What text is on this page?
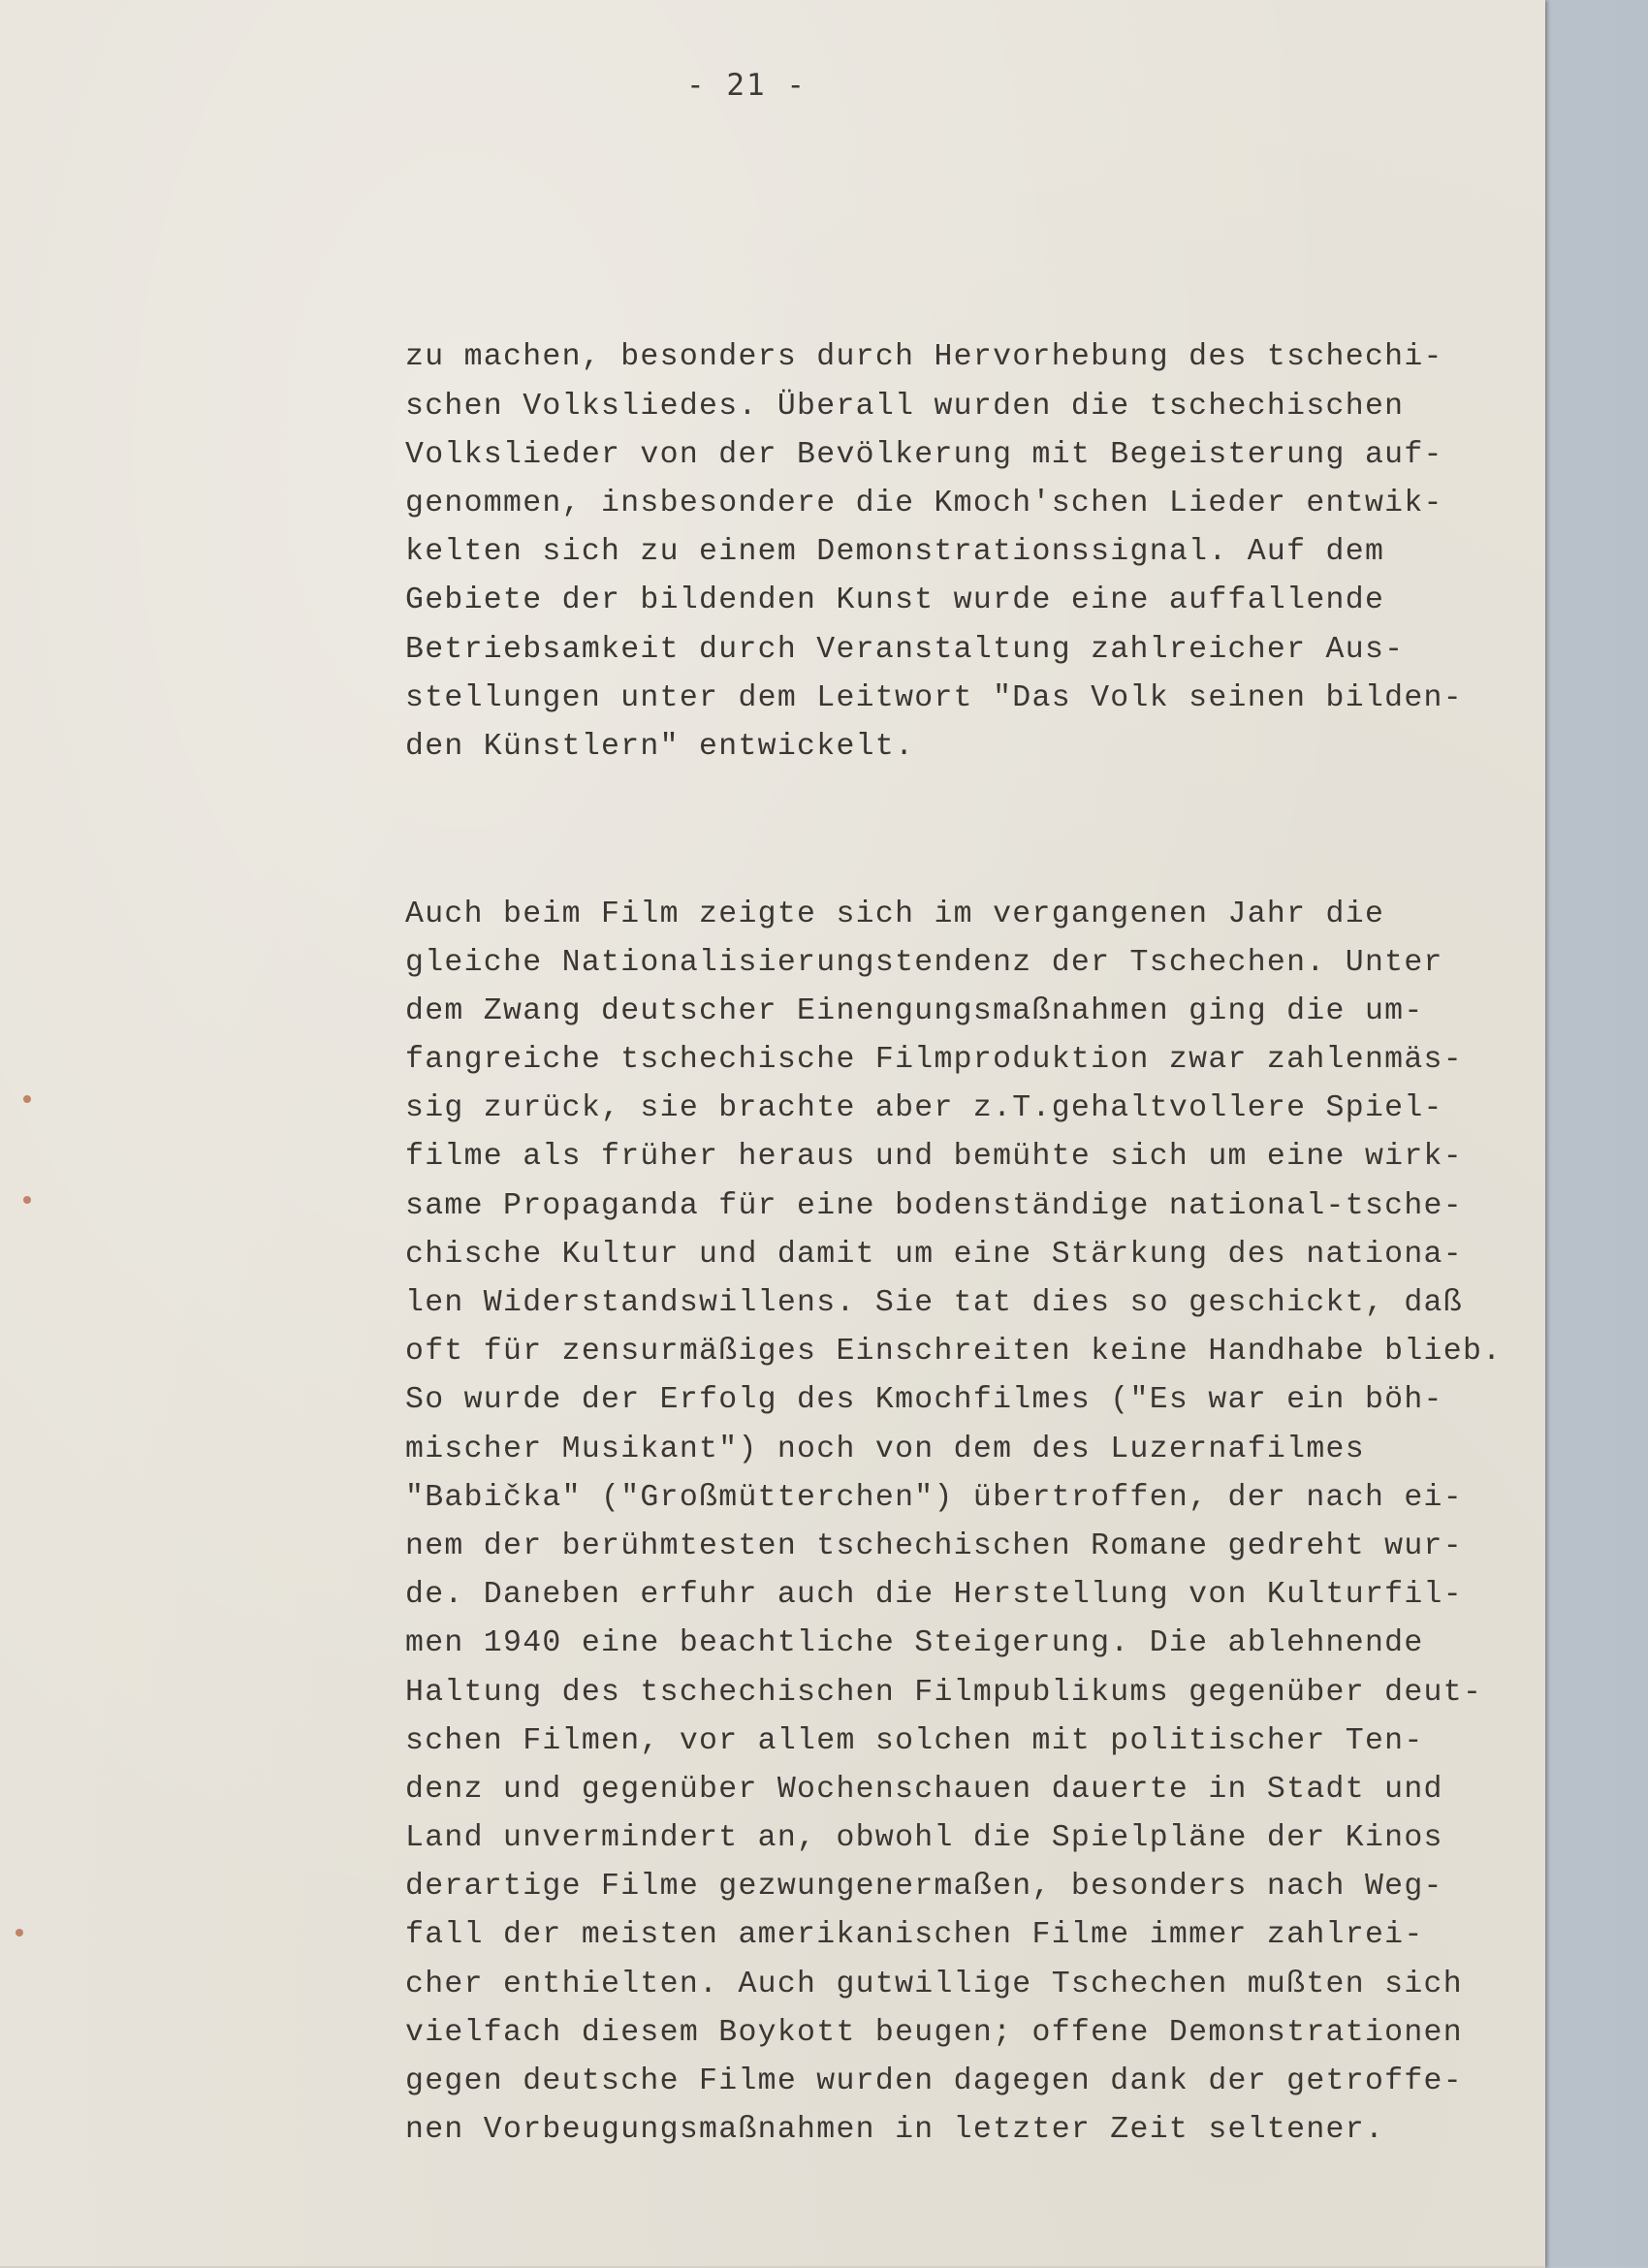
- 21 -

zu machen, besonders durch Hervorhebung des tschechi-
schen Volksliedes. Überall wurden die tschechischen
Volkslieder von der Bevölkerung mit Begeisterung auf-
genommen, insbesondere die Kmoch'schen Lieder entwik-
kelten sich zu einem Demonstrationssignal. Auf dem
Gebiete der bildenden Kunst wurde eine auffallende
Betriebsamkeit durch Veranstaltung zahlreicher Aus-
stellungen unter dem Leitwort "Das Volk seinen bilden-
den Künstlern" entwickelt.

Auch beim Film zeigte sich im vergangenen Jahr die
gleiche Nationalisierungstendenz der Tschechen. Unter
dem Zwang deutscher Einengungsmaßnahmen ging die um-
fangreiche tschechische Filmproduktion zwar zahlenmäs-
sig zurück, sie brachte aber z.T.gehaltvollere Spiel-
filme als früher heraus und bemühte sich um eine wirk-
same Propaganda für eine bodenständige national-tsche-
chische Kultur und damit um eine Stärkung des nationa-
len Widerstandswillens. Sie tat dies so geschickt, daß
oft für zensurmäßiges Einschreiten keine Handhabe blieb.
So wurde der Erfolg des Kmochfilmes ("Es war ein böh-
mischer Musikant") noch von dem des Luzernafilmes
"Babička" ("Großmütterchen") übertroffen, der nach ei-
nem der berühmtesten tschechischen Romane gedreht wur-
de. Daneben erfuhr auch die Herstellung von Kulturfil-
men 1940 eine beachtliche Steigerung. Die ablehnende
Haltung des tschechischen Filmpublikums gegenüber deut-
schen Filmen, vor allem solchen mit politischer Ten-
denz und gegenüber Wochenschauen dauerte in Stadt und
Land unvermindert an, obwohl die Spielpläne der Kinos
derartige Filme gezwungenermaßen, besonders nach Weg-
fall der meisten amerikanischen Filme immer zahlrei-
cher enthielten. Auch gutwillige Tschechen mußten sich
vielfach diesem Boykott beugen; offene Demonstrationen
gegen deutsche Filme wurden dagegen dank der getroffe-
nen Vorbeugungsmaßnahmen in letzter Zeit seltener.
